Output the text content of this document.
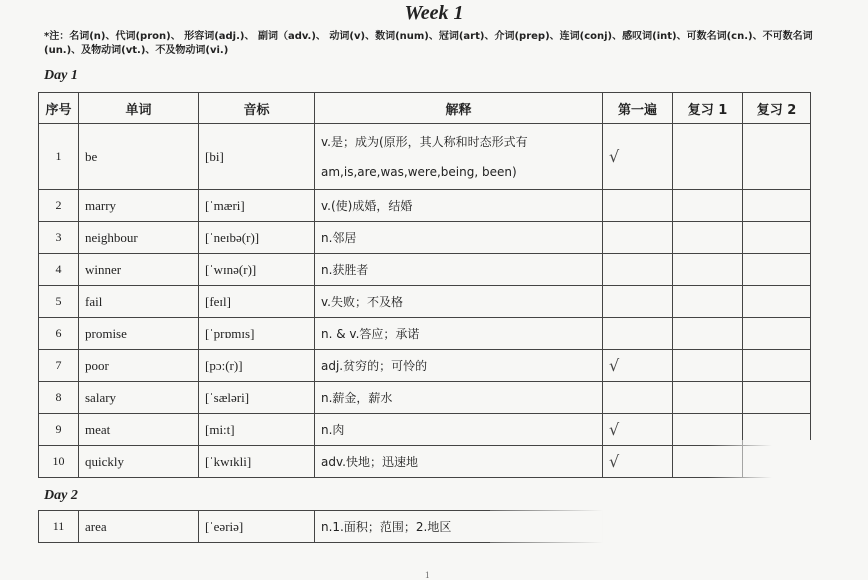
Week 1
*注：名词(n)、代词(pron)、 形容词(adj.)、 副词（adv.)、 动词(v)、数词(num)、冠词(art)、介词(prep)、连词(conj)、感叹词(int)、可数名词(cn.)、不可数名词(un.)、及物动词(vt.)、不及物动词(vi.)
Day 1
序号	单词	音标	解释	第一遍	复习 1	复习 2
1	be	[bi]	v.是；成为(原形，其人称和时态形式有 am,is,are,was,were,being, been)	√		
2	marry	[ˈmæri]	v.(使)成婚，结婚			
3	neighbour	[ˈneɪbə(r)]	n.邻居			
4	winner	[ˈwɪnə(r)]	n.获胜者			
5	fail	[feɪl]	v.失败；不及格			
6	promise	[ˈprɒmɪs]	n. & v.答应；承诺			
7	poor	[pɔ:(r)]	adj.贫穷的；可怜的	√		
8	salary	[ˈsæləri]	n.薪金，薪水			
9	meat	[mi:t]	n.肉	√		
10	quickly	[ˈkwɪkli]	adv.快地；迅速地	√		
Day 2
11	area	[ˈeəriə]	n.1.面积；范围；2.地区			
1
